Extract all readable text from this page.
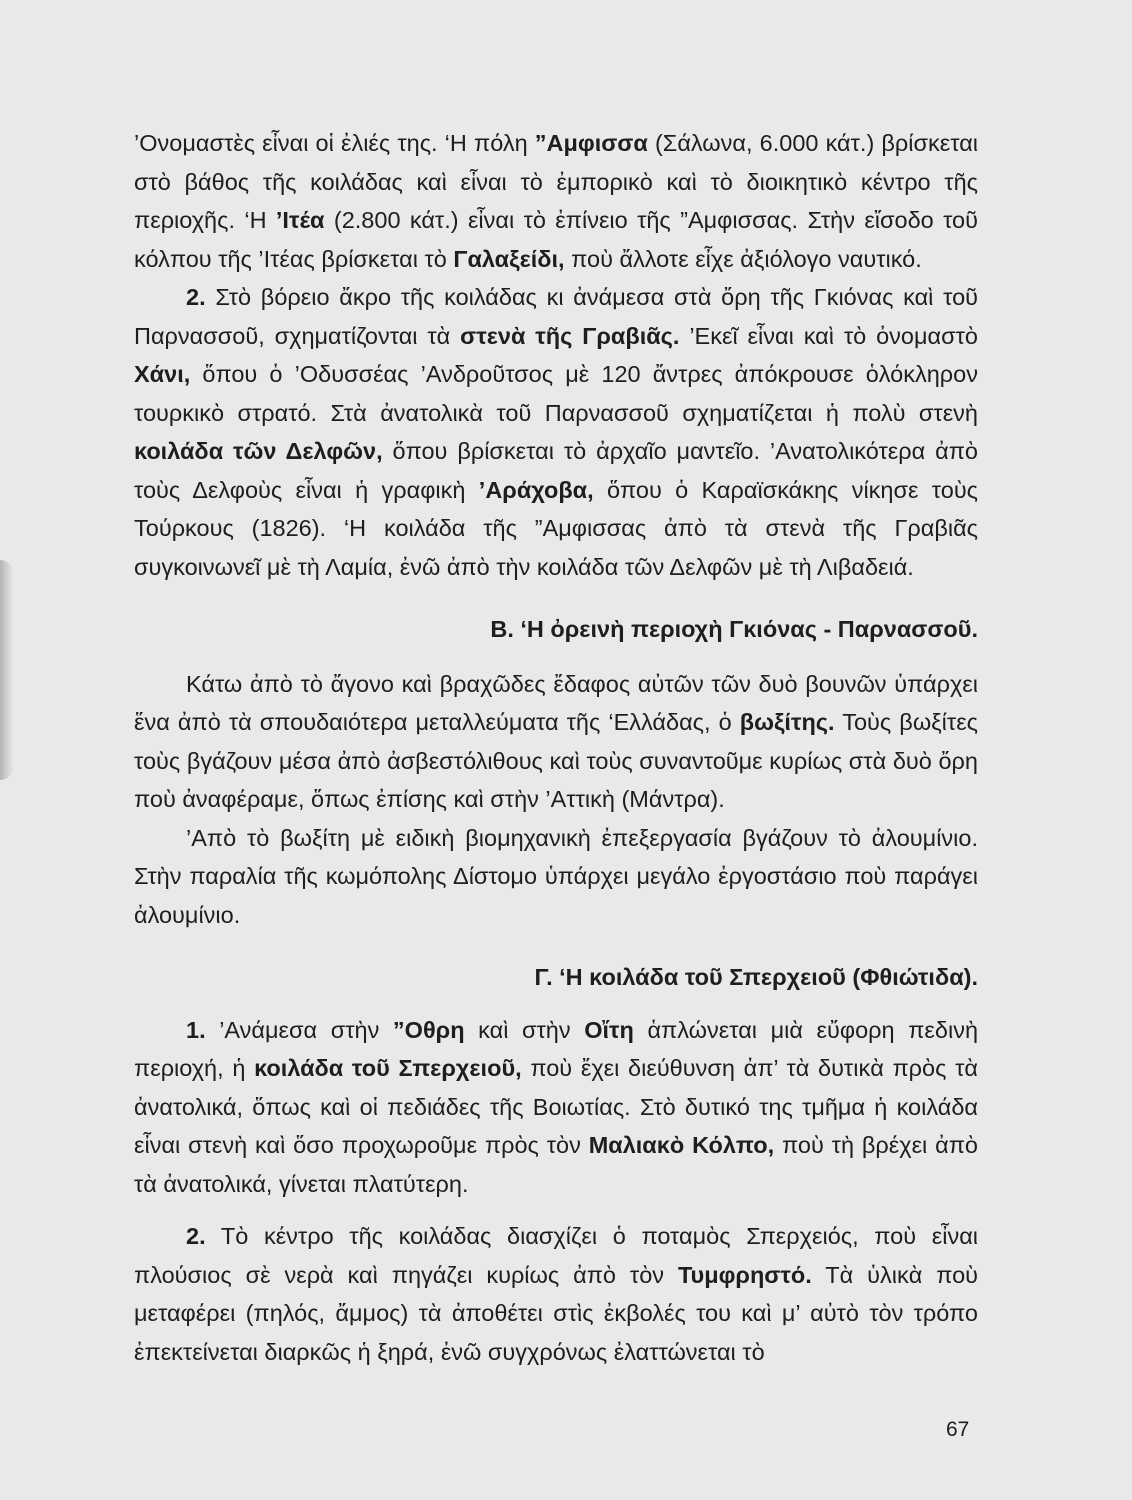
’Ονομαστὲς εἶναι οἱ ἐλιές της. ‘Η πόλη ”Αμφισσα (Σάλωνα, 6.000 κάτ.) βρίσκεται στὸ βάθος τῆς κοιλάδας καὶ εἶναι τὸ ἐμπορικὸ καὶ τὸ διοικητικὸ κέντρο τῆς περιοχῆς. ‘Η ’Ιτέα (2.800 κάτ.) εἶναι τὸ ἐπίνειο τῆς ”Αμφισσας. Στὴν εἴσοδο τοῦ κόλπου τῆς ’Ιτέας βρίσκεται τὸ Γαλαξείδι, ποὺ ἄλλοτε εἶχε ἀξιόλογο ναυτικό.

2. Στὸ βόρειο ἄκρο τῆς κοιλάδας κι ἀνάμεσα στὰ ὄρη τῆς Γκιόνας καὶ τοῦ Παρνασσοῦ, σχηματίζονται τὰ στενὰ τῆς Γραβιᾶς. ’Εκεῖ εἶναι καὶ τὸ ὀνομαστὸ Χάνι, ὅπου ὁ ’Οδυσσέας ’Ανδροῦτσος μὲ 120 ἄντρες ἀπόκρουσε ὁλόκληρον τουρκικὸ στρατό. Στὰ ἀνατολικὰ τοῦ Παρνασσοῦ σχηματίζεται ἡ πολὺ στενὴ κοιλάδα τῶν Δελφῶν, ὅπου βρίσκεται τὸ ἀρχαῖο μαντεῖο. ’Ανατολικότερα ἀπὸ τοὺς Δελφοὺς εἶναι ἡ γραφικὴ ’Αράχοβα, ὅπου ὁ Καραϊσκάκης νίκησε τοὺς Τούρκους (1826). ‘Η κοιλάδα τῆς ”Αμφισσας ἀπὸ τὰ στενὰ τῆς Γραβιᾶς συγκοινωνεῖ μὲ τὴ Λαμία, ἐνῶ ἀπὸ τὴν κοιλάδα τῶν Δελφῶν μὲ τὴ Λιβαδειά.

Β. ‘Η ὀρεινὴ περιοχὴ Γκιόνας - Παρνασσοῦ.

Κάτω ἀπὸ τὸ ἄγονο καὶ βραχῶδες ἔδαφος αὐτῶν τῶν δυὸ βουνῶν ὑπάρχει ἕνα ἀπὸ τὰ σπουδαιότερα μεταλλεύματα τῆς ‘Ελλάδας, ὁ βωξίτης. Τοὺς βωξίτες τοὺς βγάζουν μέσα ἀπὸ ἀσβεστόλιθους καὶ τοὺς συναντοῦμε κυρίως στὰ δυὸ ὄρη ποὺ ἀναφέραμε, ὅπως ἐπίσης καὶ στὴν ’Αττικὴ (Μάντρα).

’Απὸ τὸ βωξίτη μὲ ειδικὴ βιομηχανικὴ ἐπεξεργασία βγάζουν τὸ ἀλουμίνιο. Στὴν παραλία τῆς κωμόπολης Δίστομο ὑπάρχει μεγάλο ἐργοστάσιο ποὺ παράγει ἀλουμίνιο.

Γ. ‘Η κοιλάδα τοῦ Σπερχειοῦ (Φθιώτιδα).

1. ’Ανάμεσα στὴν ”Οθρη καὶ στὴν Οἴτη ἁπλώνεται μιὰ εὔφορη πεδινὴ περιοχή, ἡ κοιλάδα τοῦ Σπερχειοῦ, ποὺ ἔχει διεύθυνση ἀπ’ τὰ δυτικὰ πρὸς τὰ ἀνατολικά, ὅπως καὶ οἱ πεδιάδες τῆς Βοιωτίας. Στὸ δυτικό της τμῆμα ἡ κοιλάδα εἶναι στενὴ καὶ ὅσο προχωροῦμε πρὸς τὸν Μαλιακὸ Κόλπο, ποὺ τὴ βρέχει ἀπὸ τὰ ἀνατολικά, γίνεται πλατύτερη.

2. Τὸ κέντρο τῆς κοιλάδας διασχίζει ὁ ποταμὸς Σπερχειός, ποὺ εἶναι πλούσιος σὲ νερὰ καὶ πηγάζει κυρίως ἀπὸ τὸν Τυμφρηστό. Τὰ ὑλικὰ ποὺ μεταφέρει (πηλός, ἄμμος) τὰ ἀποθέτει στὶς ἐκβολές του καὶ μ’ αὐτὸ τὸν τρόπο ἐπεκτείνεται διαρκῶς ἡ ξηρά, ἐνῶ συγχρόνως ἐλαττώνεται τὸ

67
